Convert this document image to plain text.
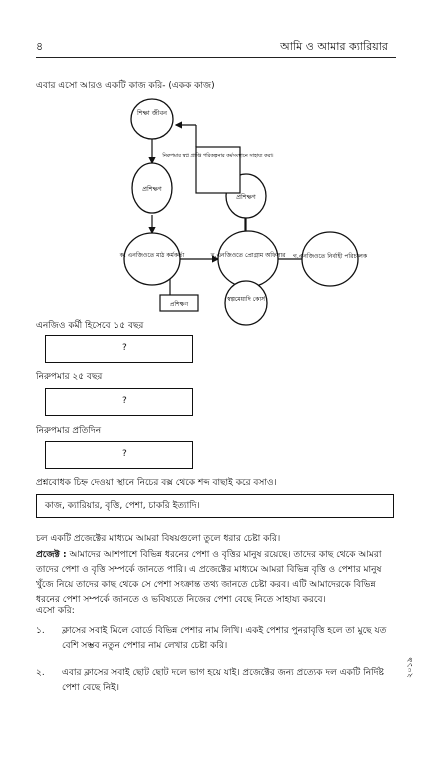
৪	আমি ও আমার ক্যারিয়ার
এবার এসো আরও একটি কাজ করি- (একক কাজ)
শিক্ষা জীবন
প্রশিক্ষণ
ক. এনজিওতে মাঠ কর্মকর্তা	খ.এনজিওতে প্রোগ্রাম অফিসার
প্রশিক্ষণ
স্বল্পমেয়াদি কোর্স
প্রশিক্ষণ
নিরুপমার স্বপ্ন প্রাপ্তি পরিকল্পনার কর্মসংস্থানে সাহায্য করা।
গ.এনজিওতে নির্বাহী পরিচালক
এনজিও কর্মী হিসেবে ১৫ বছর
?
নিরুপমার ২৫ বছর
?
নিরুপমার প্রতিদিন
?
প্রশ্নবোধক চিহ্ন দেওয়া স্থানে নিচের বক্স থেকে শব্দ বাছাই করে বসাও।
কাজ, ক্যারিয়ার, বৃত্তি, পেশা, চাকরি ইত্যাদি।
চল একটি প্রজেক্টের মাধ্যমে আমরা বিষয়গুলো তুলে ধরার চেষ্টা করি।
প্রজেক্ট : আমাদের আশপাশে বিভিন্ন ধরনের পেশা ও বৃত্তির মানুষ রয়েছে। তাদের কাছ থেকে আমরা তাদের পেশা ও বৃত্তি সম্পর্কে জানতে পারি। এ প্রজেক্টের মাধ্যমে আমরা বিভিন্ন বৃত্তি ও পেশার মানুষ খুঁজে নিয়ে তাদের কাছ থেকে সে পেশা সংক্রান্ত তথ্য জানতে চেষ্টা করব। এটি আমাদেরকে বিভিন্ন ধরনের পেশা সম্পর্কে জানতে ও ভবিষ্যতে নিজের পেশা বেছে নিতে সাহায্য করবে।
এসো করি:
১.	ক্লাসের সবাই মিলে বোর্ডে বিভিন্ন পেশার নাম লিখি। একই পেশার পুনরাবৃত্তি হলে তা মুছে যত বেশি সম্ভব নতুন পেশার নাম লেখার চেষ্টা করি।
২.	এবার ক্লাসের সবাই ছোট ছোট দলে ভাগ হয়ে যাই। প্রজেক্টের জন্য প্রত্যেক দল একটি নির্দিষ্ট পেশা বেছে নিই।
২০১৯
